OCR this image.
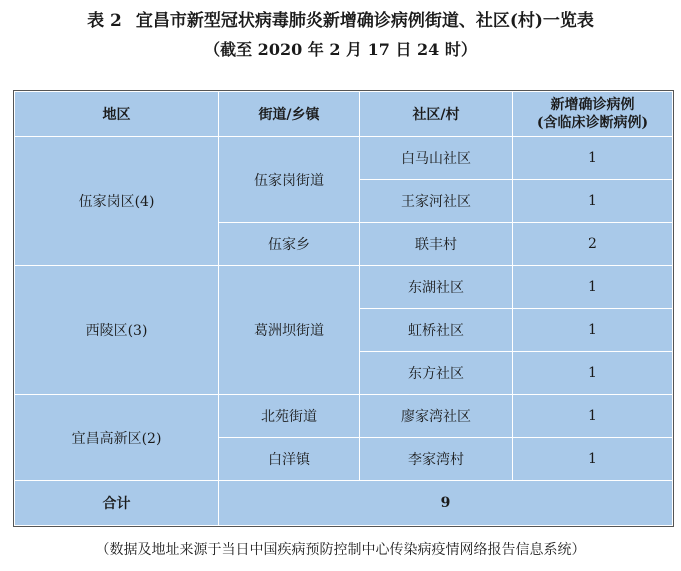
表 2 宜昌市新型冠状病毒肺炎新增确诊病例街道、社区(村)一览表
（截至 2020 年 2 月 17 日 24 时）
地区	街道/乡镇	社区/村	新增确诊病例
(含临床诊断病例)

伍家岗区(4)	伍家岗街道	白马山社区	1
		王家河社区	1
	伍家乡	联丰村	2
西陵区(3)	葛洲坝街道	东湖社区	1
		虹桥社区	1
		东方社区	1
宜昌高新区(2)	北苑街道	廖家湾社区	1
	白洋镇	李家湾村	1
合计	9		
（数据及地址来源于当日中国疾病预防控制中心传染病疫情网络报告信息系统）
